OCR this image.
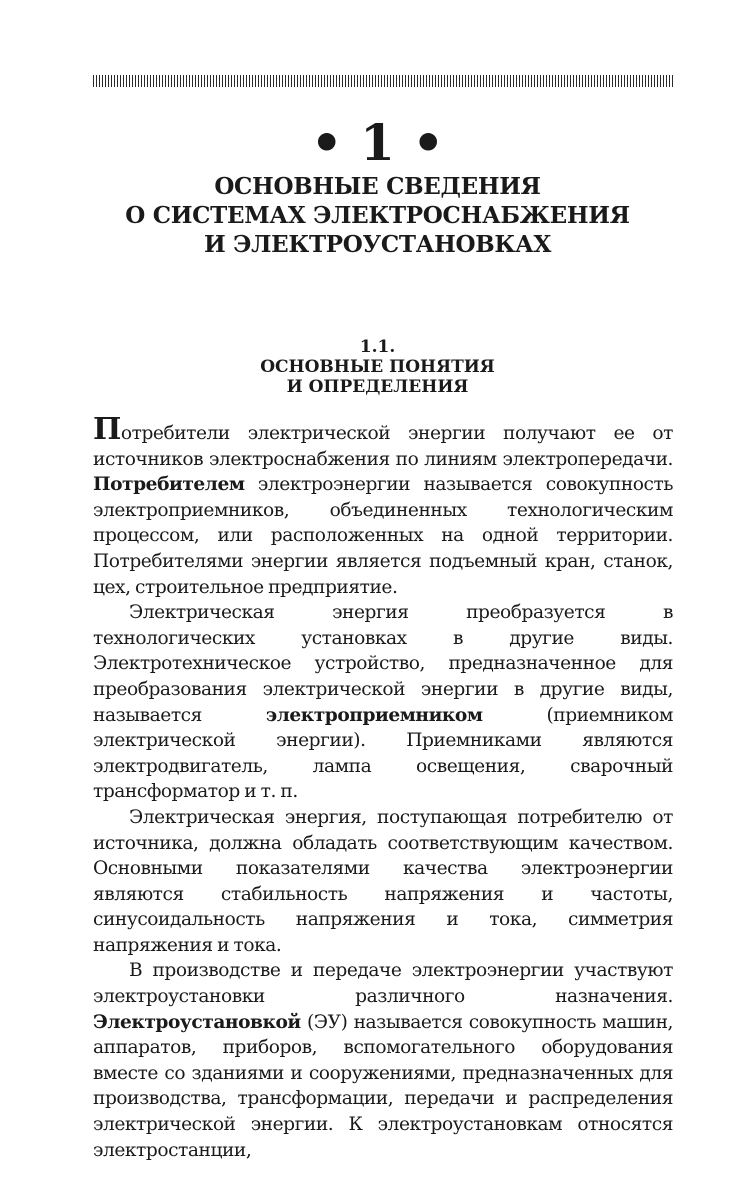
• 1 •
ОСНОВНЫЕ СВЕДЕНИЯ
О СИСТЕМАХ ЭЛЕКТРОСНАБЖЕНИЯ
И ЭЛЕКТРОУСТАНОВКАХ
1.1.
ОСНОВНЫЕ ПОНЯТИЯ
И ОПРЕДЕЛЕНИЯ

Потребители электрической энергии получают ее от источников электроснабжения по линиям электропередачи. Потребителем электроэнергии называется совокупность электроприемников, объединенных технологическим процессом, или расположенных на одной территории. Потребителями энергии является подъемный кран, станок, цех, строительное предприятие.

Электрическая энергия преобразуется в технологических установках в другие виды. Электротехническое устройство, предназначенное для преобразования электрической энергии в другие виды, называется электроприемником (приемником электрической энергии). Приемниками являются электродвигатель, лампа освещения, сварочный трансформатор и т. п.

Электрическая энергия, поступающая потребителю от источника, должна обладать соответствующим качеством. Основными показателями качества электроэнергии являются стабильность напряжения и частоты, синусоидальность напряжения и тока, симметрия напряжения и тока.

В производстве и передаче электроэнергии участвуют электроустановки различного назначения. Электроустановкой (ЭУ) называется совокупность машин, аппаратов, приборов, вспомогательного оборудования вместе со зданиями и сооружениями, предназначенных для производства, трансформации, передачи и распределения электрической энергии. К электроустановкам относятся электростанции,
